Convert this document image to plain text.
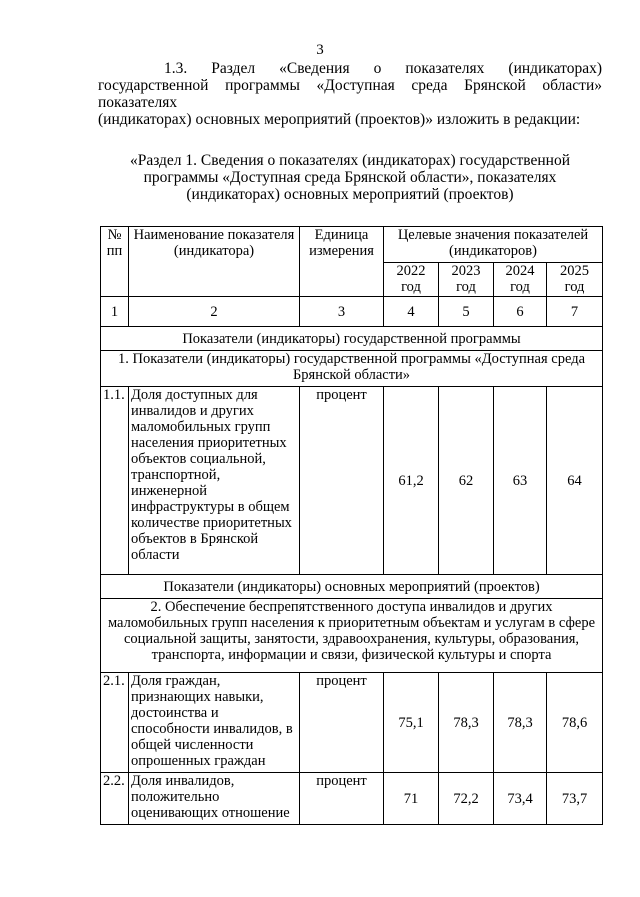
3
1.3. Раздел «Сведения о показателях (индикаторах)
государственной программы «Доступная среда Брянской области» показателях
(индикаторах) основных мероприятий (проектов)» изложить в редакции:
«Раздел 1. Сведения о показателях (индикаторах) государственной программы «Доступная среда Брянской области», показателях (индикаторах) основных мероприятий (проектов)
№ пп	Наименование показателя (индикатора)	Единица измерения	Целевые значения показателей (индикаторов)			
			2022 год	2023 год	2024 год	2025 год
1	2	3	4	5	6	7
Показатели (индикаторы) государственной программы						
1. Показатели (индикаторы) государственной программы «Доступная среда Брянской области»						
1.1.	Доля доступных для инвалидов и других маломобильных групп населения приоритетных объектов социальной, транспортной, инженерной инфраструктуры в общем количестве приоритетных объектов в Брянской области	процент	61,2	62	63	64
Показатели (индикаторы) основных мероприятий (проектов)						
2. Обеспечение беспрепятственного доступа инвалидов и других маломобильных групп населения к приоритетным объектам и услугам в сфере социальной защиты, занятости, здравоохранения, культуры, образования, транспорта, информации и связи, физической культуры и спорта						
2.1.	Доля граждан, признающих навыки, достоинства и способности инвалидов, в общей численности опрошенных граждан	процент	75,1	78,3	78,3	78,6
2.2.	Доля инвалидов, положительно оценивающих отношение	процент	71	72,2	73,4	73,7
